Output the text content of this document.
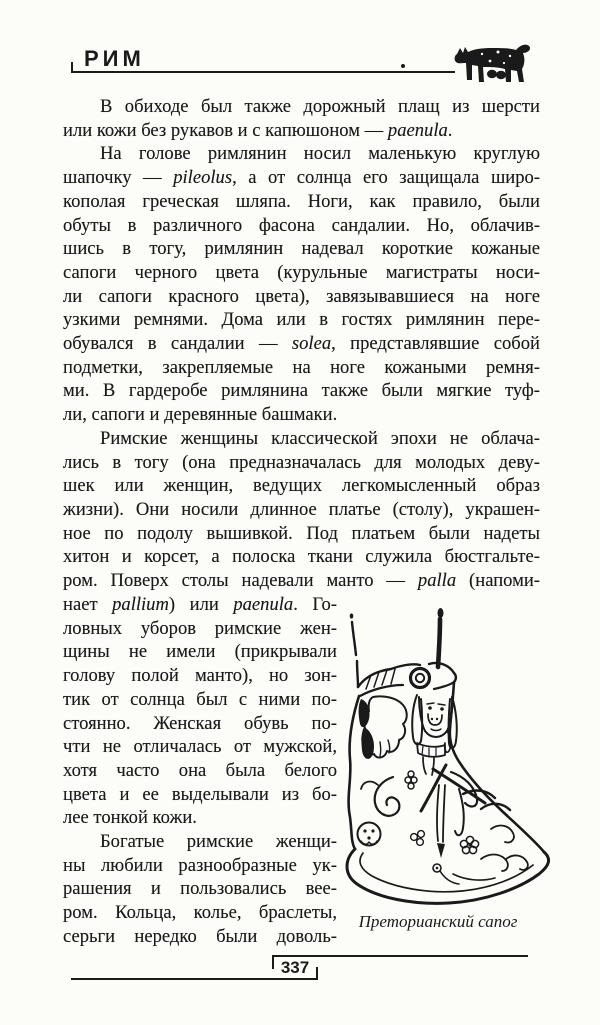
РИМ
В обиходе был также дорожный плащ из шерсти
или кожи без рукавов и с капюшоном — paenula.
На голове римлянин носил маленькую круглую
шапочку — pileolus, а от солнца его защищала широ-
кополая греческая шляпа. Ноги, как правило, были
обуты в различного фасона сандалии. Но, облачив-
шись в тогу, римлянин надевал короткие кожаные
сапоги черного цвета (курульные магистраты носи-
ли сапоги красного цвета), завязывавшиеся на ноге
узкими ремнями. Дома или в гостях римлянин пере-
обувался в сандалии — solea, представлявшие собой
подметки, закрепляемые на ноге кожаными ремня-
ми. В гардеробе римлянина также были мягкие туф-
ли, сапоги и деревянные башмаки.
Римские женщины классической эпохи не облача-
лись в тогу (она предназначалась для молодых деву-
шек или женщин, ведущих легкомысленный образ
жизни). Они носили длинное платье (столу), украшен-
ное по подолу вышивкой. Под платьем были надеты
хитон и корсет, а полоска ткани служила бюстгальте-
ром. Поверх столы надевали манто — palla (напоми-
нает pallium) или paenula. Го-
ловных уборов римские жен-
щины не имели (прикрывали
голову полой манто), но зон-
тик от солнца был с ними по-
стоянно. Женская обувь по-
чти не отличалась от мужской,
хотя часто она была белого
цвета и ее выделывали из бо-
лее тонкой кожи.
Богатые римские женщи-
ны любили разнообразные ук-
рашения и пользовались вее-
ром. Кольца, колье, браслеты,
серьги нередко были доволь-
Преторианский сапог
337
